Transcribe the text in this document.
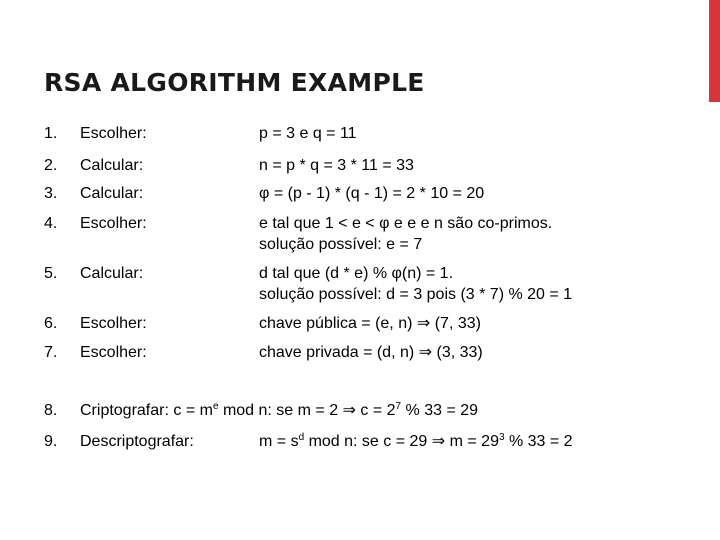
RSA ALGORITHM EXAMPLE
1. Escolher:	p = 3 e q = 11
2. Calcular:	n = p * q = 3 * 11 = 33
3. Calcular:	φ = (p - 1) * (q - 1) = 2 * 10 = 20
4. Escolher:	e tal que 1 < e < φ e e e n são co-primos.
solução possível: e = 7
5. Calcular:	d tal que (d * e) % φ(n) = 1.
solução possível: d = 3 pois (3 * 7) % 20 = 1
6. Escolher:	chave pública = (e, n) ⇒ (7, 33)
7. Escolher:	chave privada = (d, n) ⇒ (3, 33)
8. Criptografar: $c = m^e$ mod n: se m = 2 ⇒ $c = 2^7$ % 33 = 29
9. Descriptografar:	$m = s^d$ mod n: se c = 29 ⇒ $m = 29^3$ % 33 = 2
